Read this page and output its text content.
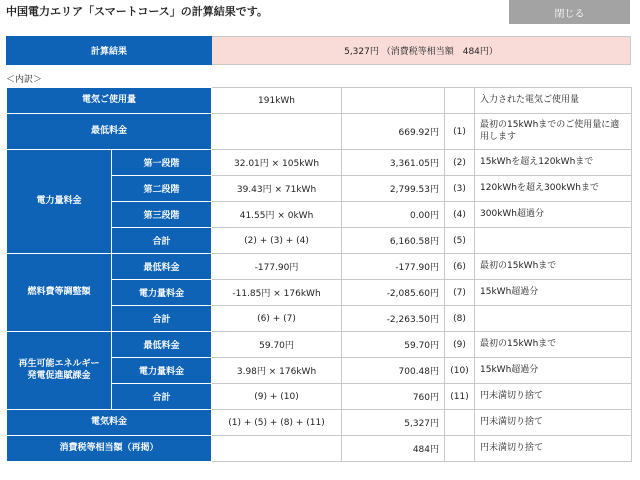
中国電力エリア「スマートコース」の計算結果です。	閉じる
計算結果	5,327円 （消費税等相当額　484円）
＜内訳＞
電気ご使用量		191kWh			入力された電気ご使用量
最低料金			669.92円	(1)	最初の15kWhまでのご使用量に適用します
電力量料金	第一段階	32.01円 × 105kWh	3,361.05円	(2)	15kWhを超え120kWhまで
	第二段階	39.43円 × 71kWh	2,799.53円	(3)	120kWhを超え300kWhまで
	第三段階	41.55円 × 0kWh	0.00円	(4)	300kWh超過分
	合計	(2) + (3) + (4)	6,160.58円	(5)	
燃料費等調整額	最低料金	-177.90円	-177.90円	(6)	最初の15kWhまで
	電力量料金	-11.85円 × 176kWh	-2,085.60円	(7)	15kWh超過分
	合計	(6) + (7)	-2,263.50円	(8)	
再生可能エネルギー
発電促進賦課金	最低料金	59.70円	59.70円	(9)	最初の15kWhまで
	電力量料金	3.98円 × 176kWh	700.48円	(10)	15kWh超過分
	合計	(9) + (10)	760円	(11)	円未満切り捨て
電気料金		(1) + (5) + (8) + (11)	5,327円		円未満切り捨て
消費税等相当額（再掲）			484円		円未満切り捨て
